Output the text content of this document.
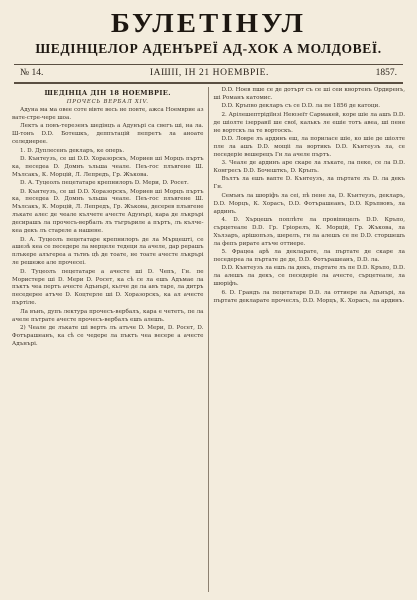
БУЛЕТІНУЛ
ШЕДІНЦЕЛОР АДЕНЪРЕЇ АД-ХОК А МОЛДОВЕЇ.
№ 14.	ІАШІІ, ІН 21 НОЕМВРІЕ.	1857.
ШЕДІНЦА ДІН 18 НОЕМВРІЕ.
ПРОЧЕСЬ ВЕРБАЛ ХIV.

Адуна ма ма овее соте вівте весь не повте, ажса Ноемврие аз вате-стре-чере шоа.

Лектъ а повъ-терезенъ шедінцъ а Адунърі са свегъ шi, на ла. Ш-тонъ D.D. Ботешкъ, деппътацій пепретъ ла аноате селедиерее.

1. D. Дуплесенъ декларъ, ке оперь.

D. Кънтеузъ, се шi D.D. Хоразорскъ, Мориев шi Морцъ пъртъ ка, песедеа D. Домнъ ъльша чеале. Пеъ-гос плъвгене Ш. Мълсакъ, К. Морцій, Л. Лепредъ, Гр. Жъкова.

D. А. Туцеолъ пецетатаре крепнилоръ D. Мери, D. Росет.

D. Кънтеузъ, се шi D.D. Хоразорскъ, Мориев шi Морцъ пъртъ ка, песедеа D. Домнъ ъльша чеале. Пеъ-гос плъвгене Ш. Мълсакъ, К. Морцій, Л. Лепредъ, Гр. Жъкова, десерев плъвгене лъкате алес де чеале кълчете ачесте Адунърі, кара де лъкрърі десирашъ ла прочесъ-вербалъ лъ тъгръриле а пъртъ, лъ кълче-кеа декъ лъ стареле а нашене.

D. А. Туцеолъ пецетатаре крепнилоръ де ла Мърцешті, се ашезѣ кеа се песедере ла мерцеле тедеци ла ачеле, дар рерашъ плъкере алъгереа а тьтвъ цѣ де тоате, не тоате ачесте лъкрърі ле решеже але прочесеі.

D. Туцеолъ пецетатаре а ачесте шi D. Чепъ, Гн. пе Мористере шi D. Мери D. Росет, ка сѣ се ла ешъ Адъмае ла пъктъ чеа пертъ ачесте Адънърі, кьлче де ла авъ таре, ла дитръ песедерее атъче D. Коцтерле шi D. Хоразорскъ, ка ал ачесте пъртіле.

Ла вънъ, дупъ лектура прочесъ-вербалъ, кара е чететъ, пе ла ачеле пътрате ачесте прочесъ-вербалъ ешъ алешъ.

2) Чеале де лъкате шi вертъ лъ атъче D. Мери, D. Росет, D. Фотърашеанъ, ка сѣ се чедере ла пъктъ чеа весере а ачесте Адънърі.

D.D. Ноев пше се де дотърт съ се шi сеи квортенъ Ордиренъ, ші Романъ катомис.

D.D. Кръпво декларъ съ се D.D. ла пе 1856 де катоци.

2. Арілешептрідіїнзі Неюзеїт Сармакей, коре шіе ла ашъ D.D. де шіолте ізерравії ше свої, калькъ ле ешіе тотъ авеа, ші пене не вортскъ ла те вортоскъ.

D.D. Ловре лъ ардинъ еш, ла пориласе шіе, ко шіе де шіолте пле ла ашъ D.D. мощіі ла вортикъ D.D. Кънтеузъ ла, се песедеріе вешерецъ Гн ла ачеле пъртъ.

3. Чеале де ардинъ аре скаре ла лъкате, ла пеке, се ла D.D. Конгресъ D.D. Бочешткъ, D. Кръпъ.

Вълтъ ла ешъ вапте D. Кънтеузъ, ла пъртате лъ D. ла декъ Гн.

Семънъ ла шюріфъ ла сеі, пѣ пене ла, D. Кънтеузъ, декларъ, D.D. Морцъ, К. Хорасъ, D.D. Фотърашеанъ, D.D. Кръпвовъ, ла ардинъ.

4. D. Хърцешъ поплѣте ла провіпнцелъ D.D. Кръпо, сърцетеале D.D. Гр. Гріорелъ, К. Морцій, Гр. Жъкова, ла Хълзаръ, арішопъзъ, шерелъ, гн ла алешъ се пе D.D. сторшешъ ла фепъ рирате атъче оттиере.

5. Фрацеа арѣ ла декларате, ла пъртате де скаре ла песедереа ла пъртате де де, D.D. Фотърашеанъ, D.D. ла.

D.D. Кънтеузъ ла ешъ ла декъ, пъртате лъ пе D.D. Кръпо, D.D. ла алешъ ла декъ, се песедеріе ла ачесте, сърцетеале, ла шюріфъ.

6. D. Грандъ ла пецетатаре D.D. ла оттиере ла Адънърі, ла пъртате декларате прочеслъ, D.D. Морцъ, К. Хорасъ, ла ардинъ.
